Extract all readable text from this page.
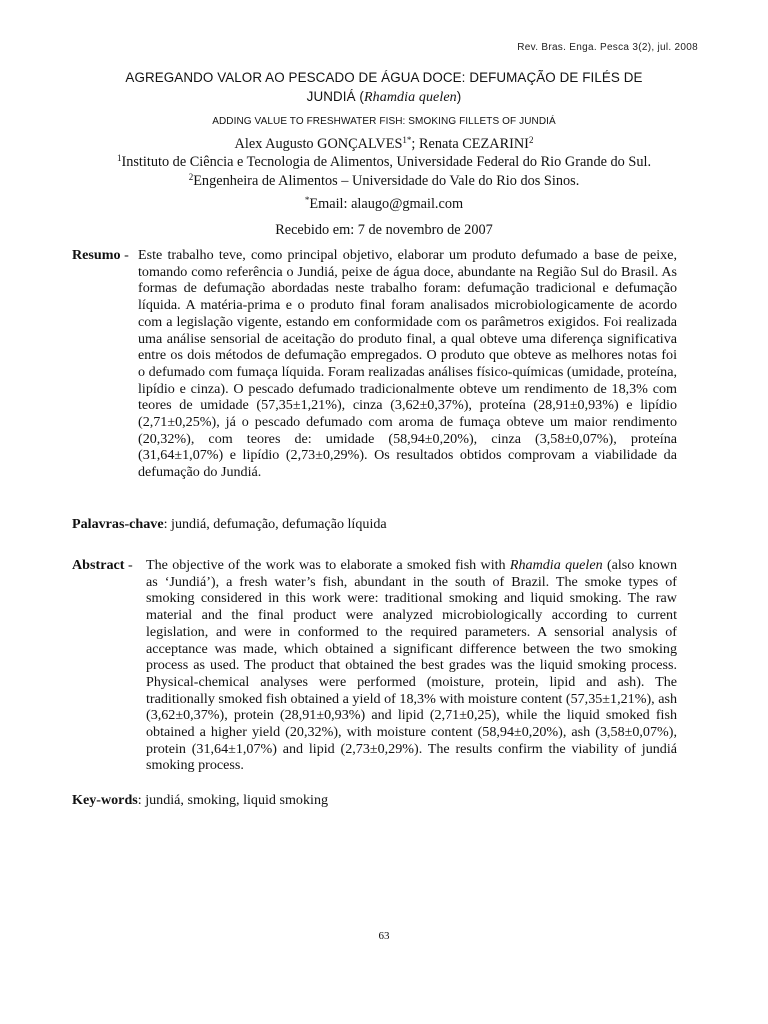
Rev. Bras. Enga. Pesca 3(2), jul. 2008
AGREGANDO VALOR AO PESCADO DE ÁGUA DOCE: DEFUMAÇÃO DE FILÉS DE
JUNDIÁ (Rhamdia quelen)
ADDING VALUE TO FRESHWATER FISH: SMOKING FILLETS OF JUNDIÁ
Alex Augusto $GONÇALVES^{1*}$; Renata CEZARINI$^2$
$^1$Instituto de Ciência e Tecnologia de Alimentos, Universidade Federal do Rio Grande do Sul.
$^2$Engenheira de Alimentos – Universidade do Vale do Rio dos Sinos.
*Email: alaugo@gmail.com
Recebido em: 7 de novembro de 2007
Resumo - Este trabalho teve, como principal objetivo, elaborar um produto defumado a base de peixe, tomando como referência o Jundiá, peixe de água doce, abundante na Região Sul do Brasil. As formas de defumação abordadas neste trabalho foram: defumação tradicional e defumação líquida. A matéria-prima e o produto final foram analisados microbiologicamente de acordo com a legislação vigente, estando em conformidade com os parâmetros exigidos. Foi realizada uma análise sensorial de aceitação do produto final, a qual obteve uma diferença significativa entre os dois métodos de defumação empregados. O produto que obteve as melhores notas foi o defumado com fumaça líquida. Foram realizadas análises físico-químicas (umidade, proteína, lipídio e cinza). O pescado defumado tradicionalmente obteve um rendimento de 18,3% com teores de umidade (57,35±1,21%), cinza (3,62±0,37%), proteína (28,91±0,93%) e lipídio (2,71±0,25%), já o pescado defumado com aroma de fumaça obteve um maior rendimento (20,32%), com teores de: umidade (58,94±0,20%), cinza (3,58±0,07%), proteína (31,64±1,07%) e lipídio (2,73±0,29%). Os resultados obtidos comprovam a viabilidade da defumação do Jundiá.
Palavras-chave: jundiá, defumação, defumação líquida
Abstract - The objective of the work was to elaborate a smoked fish with Rhamdia quelen (also known as ‘Jundiá’), a fresh water’s fish, abundant in the south of Brazil. The smoke types of smoking considered in this work were: traditional smoking and liquid smoking. The raw material and the final product were analyzed microbiologically according to current legislation, and were in conformed to the required parameters. A sensorial analysis of acceptance was made, which obtained a significant difference between the two smoking process as used. The product that obtained the best grades was the liquid smoking process. Physical-chemical analyses were performed (moisture, protein, lipid and ash). The traditionally smoked fish obtained a yield of 18,3% with moisture content (57,35±1,21%), ash (3,62±0,37%), protein (28,91±0,93%) and lipid (2,71±0,25), while the liquid smoked fish obtained a higher yield (20,32%), with moisture content (58,94±0,20%), ash (3,58±0,07%), protein (31,64±1,07%) and lipid (2,73±0,29%). The results confirm the viability of jundiá smoking process.
Key-words: jundiá, smoking, liquid smoking
63
